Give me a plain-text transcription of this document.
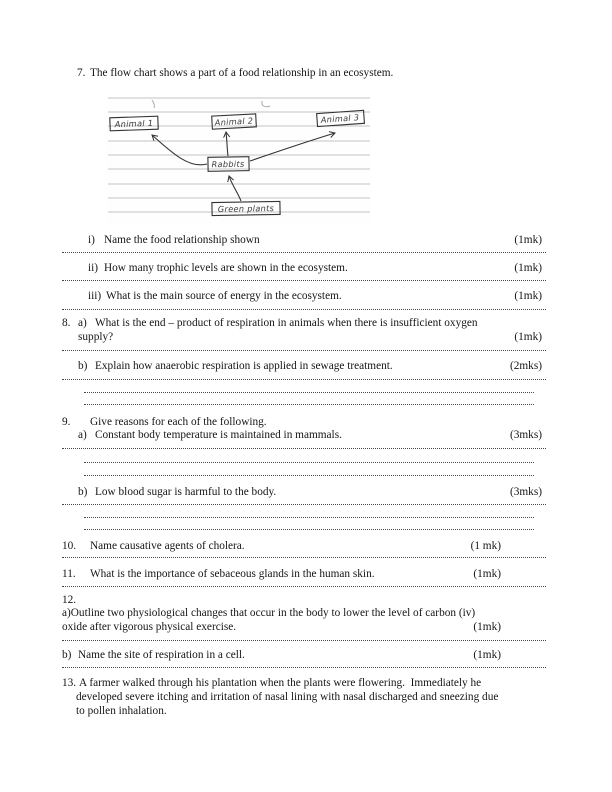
7. The flow chart shows a part of a food relationship in an ecosystem.
Animal 1	Animal 2	Animal 3
Rabbits
Green plants
i) Name the food relationship shown	(1mk)
ii) How many trophic levels are shown in the ecosystem.	(1mk)
iii) What is the main source of energy in the ecosystem.	(1mk)
8. a) What is the end – product of respiration in animals when there is insufficient oxygen
supply?	(1mk)
b) Explain how anaerobic respiration is applied in sewage treatment.	(2mks)
9. Give reasons for each of the following.
a) Constant body temperature is maintained in mammals.	(3mks)
b) Low blood sugar is harmful to the body.	(3mks)
10. Name causative agents of cholera.	(1 mk)
11. What is the importance of sebaceous glands in the human skin.	(1mk)
12.
a)Outline two physiological changes that occur in the body to lower the level of carbon (iv)
oxide after vigorous physical exercise.	(1mk)
b) Name the site of respiration in a cell.	(1mk)
13. A farmer walked through his plantation when the plants were flowering.  Immediately he
developed severe itching and irritation of nasal lining with nasal discharged and sneezing due
to pollen inhalation.
